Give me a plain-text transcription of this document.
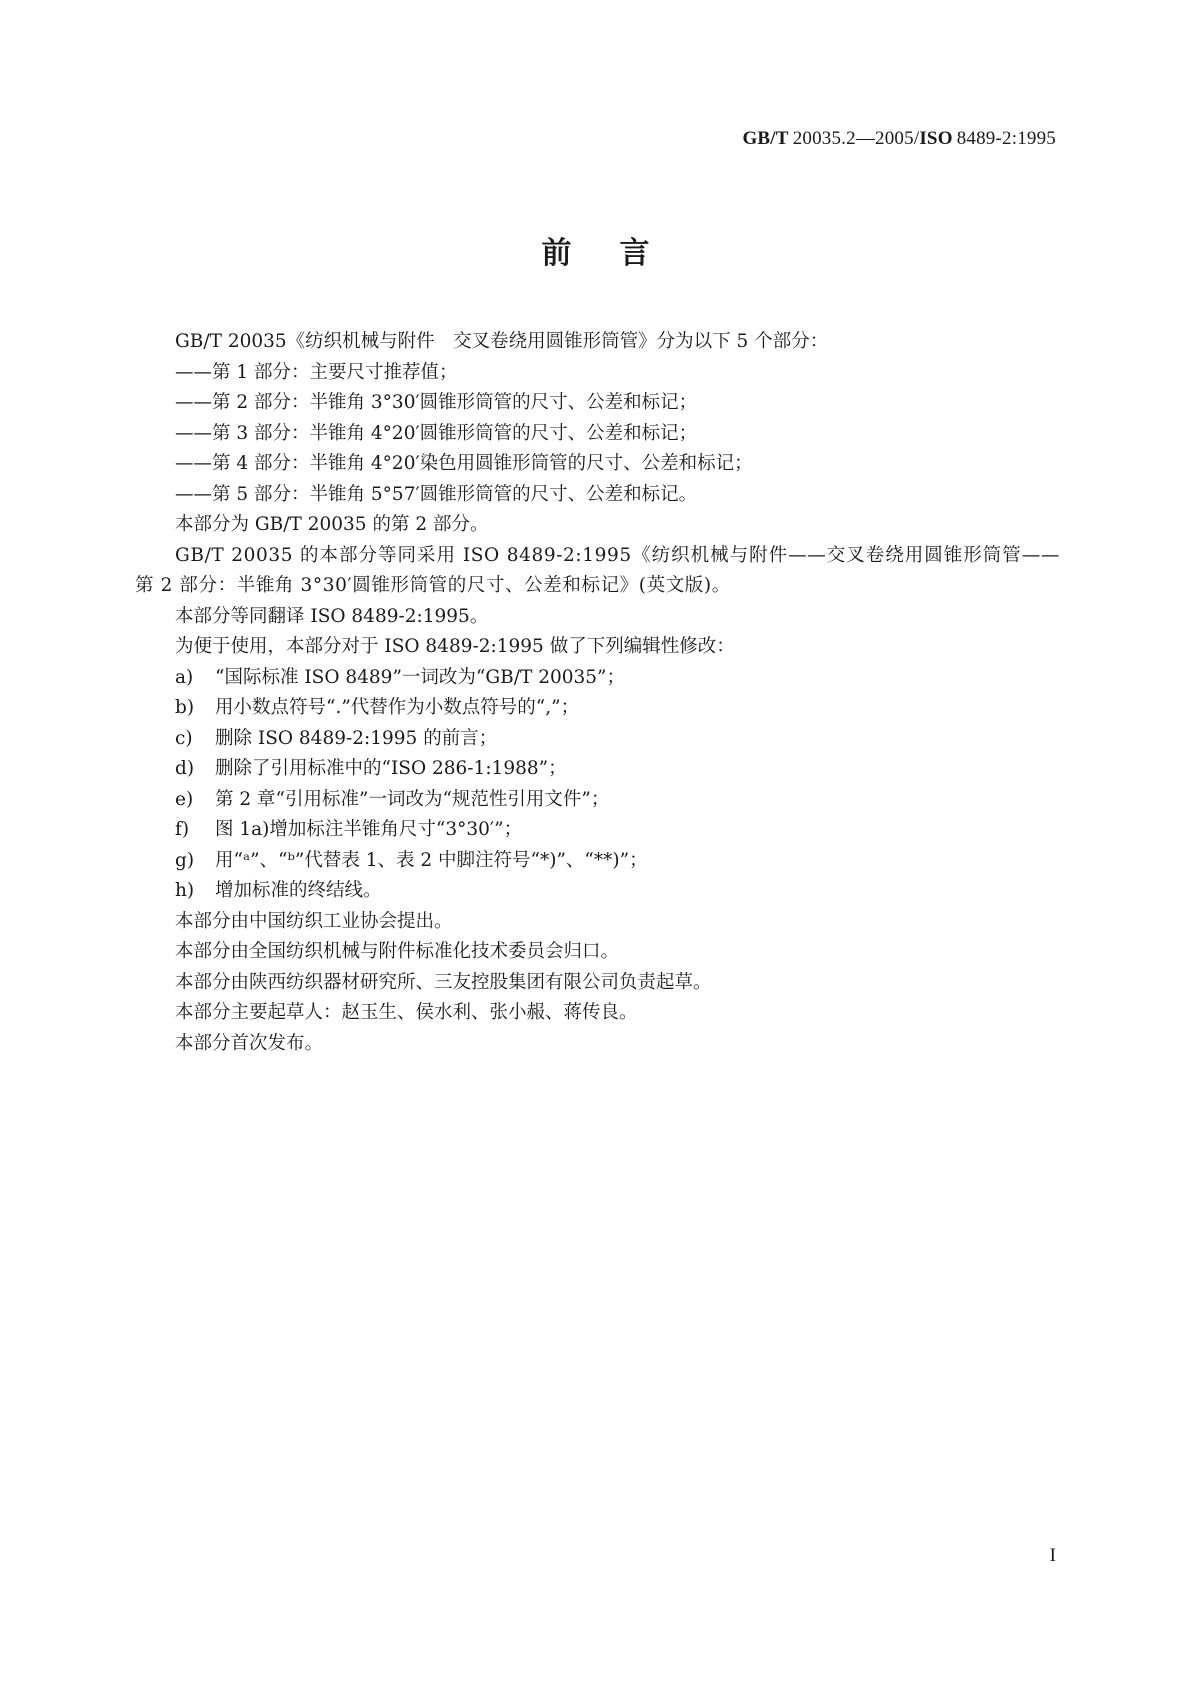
GB/T  20035.2—2005/ISO  8489-2:1995
前言

GB/T 20035《纺织机械与附件　交叉卷绕用圆锥形筒管》分为以下 5 个部分：

——第 1 部分：主要尺寸推荐值；

——第 2 部分：半锥角 3°30′圆锥形筒管的尺寸、公差和标记；

——第 3 部分：半锥角 4°20′圆锥形筒管的尺寸、公差和标记；

——第 4 部分：半锥角 4°20′染色用圆锥形筒管的尺寸、公差和标记；

——第 5 部分：半锥角 5°57′圆锥形筒管的尺寸、公差和标记。

本部分为 GB/T 20035 的第 2 部分。

GB/T 20035 的本部分等同采用 ISO 8489-2:1995《纺织机械与附件——交叉卷绕用圆锥形筒管——第 2 部分：半锥角 3°30′圆锥形筒管的尺寸、公差和标记》(英文版)。

本部分等同翻译 ISO 8489-2:1995。

为便于使用，本部分对于 ISO 8489-2:1995 做了下列编辑性修改：

a) “国际标准 ISO 8489”一词改为“GB/T 20035”；

b) 用小数点符号“.”代替作为小数点符号的“,”；

c) 删除 ISO 8489-2:1995 的前言；

d) 删除了引用标准中的“ISO 286-1:1988”；

e) 第 2 章“引用标准”一词改为“规范性引用文件”；

f) 图 1a)增加标注半锥角尺寸“3°30′”；

g) 用“ᵃ”、“ᵇ”代替表 1、表 2 中脚注符号“*)”、“**)”；

h) 增加标准的终结线。

本部分由中国纺织工业协会提出。

本部分由全国纺织机械与附件标准化技术委员会归口。

本部分由陕西纺织器材研究所、三友控股集团有限公司负责起草。

本部分主要起草人：赵玉生、侯水利、张小赧、蒋传良。

本部分首次发布。

I
